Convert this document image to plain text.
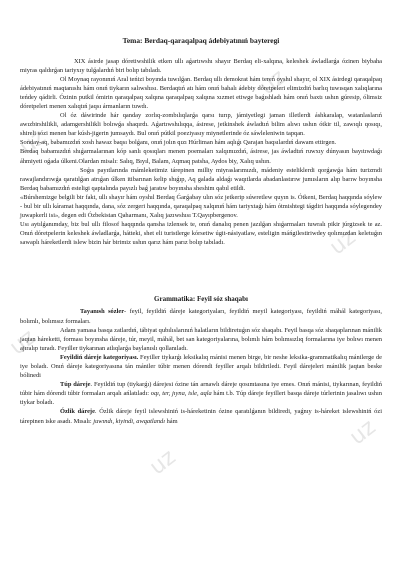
uz
uz
uz
uz
uz
uz
Tema: Berdaq-qaraqalpaq ádebiyatınıń bayteregi

XIX ásirde jasap dóretiwshilik etken ullı aǵartıwshı shayır Berdaq eli-xalqına, keleshek áwladlarǵa ózinen biybaha miyras qaldırǵan tariyxıy tulǵalardıń biri bolıp tabıladı.

Ol Moynaq rayonınıń Aral teńizi boyında tuwılǵan. Berdaq ullı demokrat hám tereń oyshıl shayır, ol XIX ásirdegi qaraqalpaq ádebiyatınıń maqtanıshı hám onıń tiykarın salıwshısı. Berdaqtıń atı hám onıń bahalı ádebiy dóretpeleri elimizdiń barlıq tuwısqan xalıqlarına teńdey qádirli. Ózinin putkil ómirin qaraqalpaq xalqına qaraqalpaq xalqına xızmet etiwge baǵıshladı hám onıń baxtı ushın gúresip, ólimsiz dóretpeleri menen xalıqtıń jaqsı ármanların tuwdı.

Ol óz dáwirinde hár qanday zorlıq-zombılıqlarǵa qarsı turıp, jámiyetlegi jaman illetlerdi áshkaralap, watanlaslarıń awızbirshilikli, adamgershilikli bolıwǵa shaqırdı. Aǵartıwshılıqqa, ásirese, jetkinshek áwladtıń bilim alıwı ushın ótkir til, zawıqlı qosıqı, shireli sózi menen bar kúsh-jigerin jumsaydı. Bul onıń pútkil poeziyasıy miynetlerinde óz sáwleleniwin tapqan.

Sonday-aq, babamızdıń xosh hawaz baqsı bolǵanı, onıń jolın qızı Húrliman hám aqlıǵı Qarajan baqsılardıń dawam ettirgen.

Berdaq babamızdıń shıǵarmalarınan kóp sanlı qosıqları menen poemaları xalqımızdıń, ásirese, jas áwladtıń ruwxıy dúnyasın bayıtıwdaǵı áhmiyeti oǵada úlkeni.Olardan misalı: Salıq, Bıyıl, Balam, Aqmaq patsha, Aydos biy, Xalıq ushın.

Soǵıs payıtlarında mámleketimiz tárepinen milliy miyraslarımızdı, mádeniy esteliklerdi qorǵawǵa hám turizmdi rawajlandırıwǵa qaratılǵan atrıǵan úlken itibarınan kelip shıǵıp, Aq galada aldaǵı waqıtlarda abadanlastırıw jumısların alıp barıw boyınsha Berdaq babamızdıń esteligi qaptalında payızlı baǵ jaratıw boyınsha sheshim qabıl etildi.

«Búrshemizge belgili bir fakt, ullı shayır hám oyshıl Berdaq Ǵarǵabay ulın sóz jetkerip súwretlew quyın is. Ótkeni, Berdaq haqqında sóylew - bul bir ullı káramat haqqında, dana, sóz zergeri haqqında, qaraqalpaq xalqınıń hám tariyxtaǵı hám ótmishtegi tágdiri haqqında sóylegendey juwapkerli isi», degen edi Ózbekistan Qaharmanı, Xalıq jazıwshısı T.Qayıpbergenov.

Usı aytılǵanımday, biz bul ullı filosof haqqında qansha izlensek te, onıń danalıq penen jazılǵan shıǵarmaları tuwralı pikir júrgizsek te az. Onıń dóretpelerin keleshek áwladlarǵa, hátteki, shet eli turistlerge kórsetiw úgit-násiyatlaw, esteligin máńgilestiriwdey qolımızdan keletuǵın sawaplı háreketlerdi islew bizin hár birimiz ushın qarız hám parız bolıp tabıladı.

Grammatika: Feyil sóz shaqabı

Tayanısh sózler- feyil, feyildiń dáreje kategoriyaları, feyildiń meyil kategoriyası, feyildiń máhál kategoriyası, bolımlı, bolımsız formaları.

Adam yamasa basqa zatlardıń, tábiyat qubılıslarınıń halatların bildiretuǵın sóz shaqabı. Feyil basqa sóz shaqaplarınan mánilik jaqtan háreketti, forması boyınsha dáreje, túr, meyil, máhál, bet san kategoriyalarına, bolımlı hám bolımsızlıq formalarına iye bolıwı menen ajıralıp turadı. Feyiller tiykarınan atlıqlarǵa baylanıslı qollanıladı.

Feyildiń dáreje kategoriyası. Feyiller tiykarǵı leksikalıq mánisi menen birge, bir neshe leksika-grammatikalıq mánilerge de iye boladı. Onıń dáreje kategoriyasına tán mániler túbir menen dórendi feyiller arqalı bildiriledi. Feyil dárejeleri mánilik jaqtan beske bólinedi

Túp dáreje. Feyildiń tup (tiykarǵı) dárejesi ózine tán arnawlı dáreje qosımtasına iye emes. Onıń mánisi, tiykarınan, feyildiń túbir hám dórendi túbir formaları arqalı ańlatıladı: oqı, ter, jıyna, isle, aqla hám t.b. Túp dáreje feyilleri basqa dáreje túrlerinin jasalıwı ushın tiykar boladı.

Ózlik dáreje. Ózlik dáreje feyil islewshiniń is-háreketinin ózine qaratılǵanın bildiredi, yaǵnıy is-háreket islewshiniń ózi tárepinen iske asadı. Mısalı: juwındı, kiyindi, awqatlandı hám
